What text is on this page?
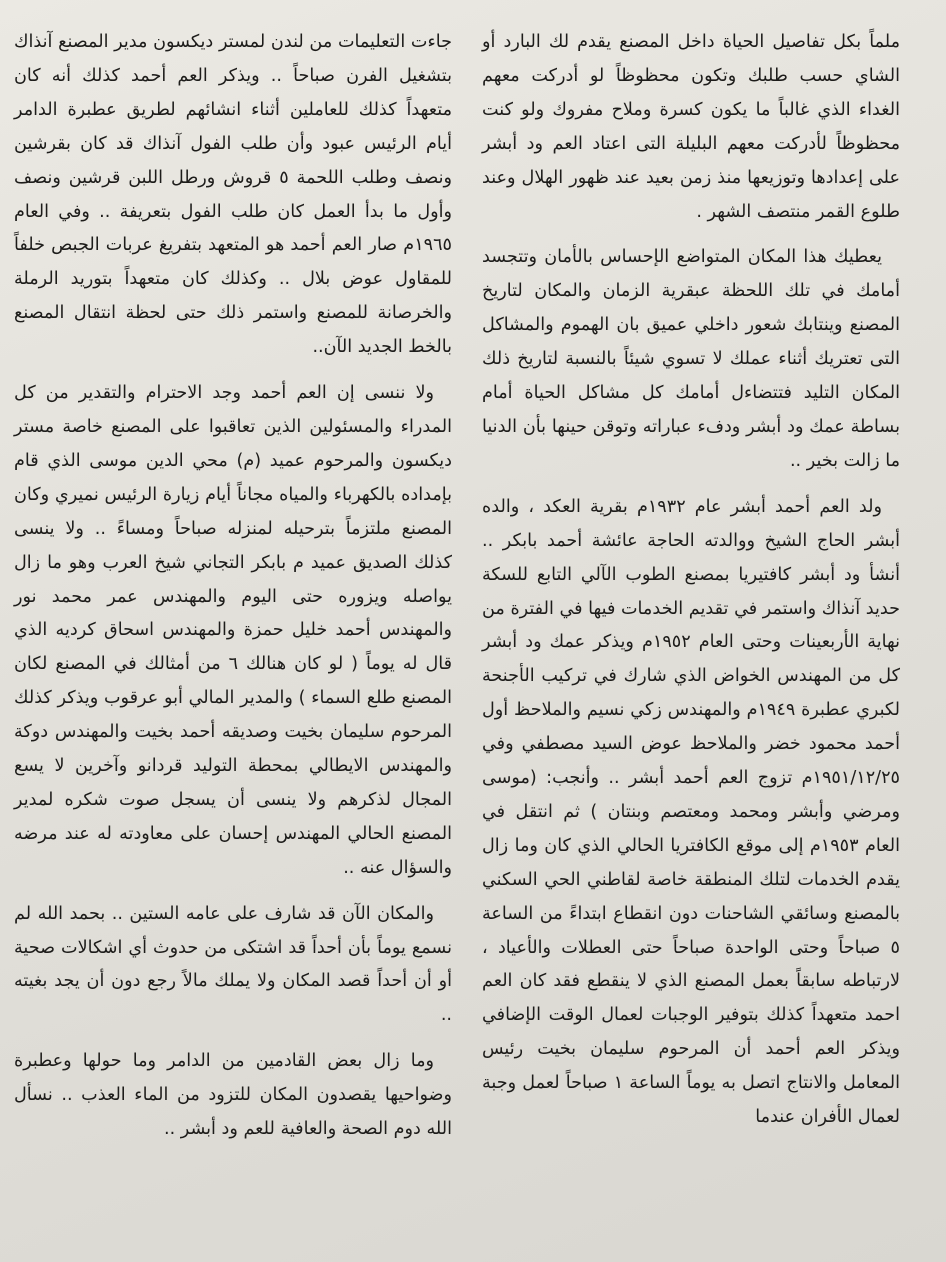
ملماً بكل تفاصيل الحياة داخل المصنع يقدم لك البارد أو الشاي حسب طلبك وتكون محظوظاً لو أدركت معهم الغداء الذي غالباً ما يكون كسرة وملاح مفروك ولو كنت محظوظاً لأدركت معهم البليلة التى اعتاد العم ود أبشر على إعدادها وتوزيعها منذ زمن بعيد عند ظهور الهلال وعند طلوع القمر منتصف الشهر .

يعطيك هذا المكان المتواضع الإحساس بالأمان وتتجسد أمامك في تلك اللحظة عبقرية الزمان والمكان لتاريخ المصنع وينتابك شعور داخلي عميق بان الهموم والمشاكل التى تعتريك أثناء عملك لا تسوي شيئاً بالنسبة لتاريخ ذلك المكان التليد فتتضاءل أمامك كل مشاكل الحياة أمام بساطة عمك ود أبشر ودفء عباراته وتوقن حينها بأن الدنيا ما زالت بخير ..

ولد العم أحمد أبشر عام ١٩٣٢م بقرية العكد ، والده أبشر الحاج الشيخ ووالدته الحاجة عائشة أحمد بابكر .. أنشأ ود أبشر كافتيريا بمصنع الطوب الآلي التابع للسكة حديد آنذاك واستمر في تقديم الخدمات فيها في الفترة من نهاية الأربعينات وحتى العام ١٩٥٢م ويذكر عمك ود أبشر كل من المهندس الخواض الذي شارك في تركيب الأجنحة لكبري عطبرة ١٩٤٩م والمهندس زكي نسيم والملاحظ أول أحمد محمود خضر والملاحظ عوض السيد مصطفي وفي ١٩٥١/١٢/٢٥م تزوج العم أحمد أبشر .. وأنجب: (موسى ومرضي وأبشر ومحمد ومعتصم وبنتان ) ثم انتقل في العام ١٩٥٣م إلى موقع الكافتريا الحالي الذي كان وما زال يقدم الخدمات لتلك المنطقة خاصة لقاطني الحي السكني بالمصنع وسائقي الشاحنات دون انقطاع ابتداءً من الساعة ٥ صباحاً وحتى الواحدة صباحاً حتى العطلات والأعياد ، لارتباطه سابقاً بعمل المصنع الذي لا ينقطع فقد كان العم احمد متعهداً كذلك بتوفير الوجبات لعمال الوقت الإضافي ويذكر العم أحمد أن المرحوم سليمان بخيت رئيس المعامل والانتاج اتصل به يوماً الساعة ١ صباحاً لعمل وجبة لعمال الأفران عندما

جاءت التعليمات من لندن لمستر ديكسون مدير المصنع آنذاك بتشغيل الفرن صباحاً .. ويذكر العم أحمد كذلك أنه كان متعهداً كذلك للعاملين أثناء انشائهم لطريق عطبرة الدامر أيام الرئيس عبود وأن طلب الفول آنذاك قد كان بقرشين ونصف وطلب اللحمة ٥ قروش ورطل اللبن قرشين ونصف وأول ما بدأ العمل كان طلب الفول بتعريفة .. وفي العام ١٩٦٥م صار العم أحمد هو المتعهد بتفريغ عربات الجبص خلفاً للمقاول عوض بلال .. وكذلك كان متعهداً بتوريد الرملة والخرصانة للمصنع واستمر ذلك حتى لحظة انتقال المصنع بالخط الجديد الآن..

ولا ننسى إن العم أحمد وجد الاحترام والتقدير من كل المدراء والمسئولين الذين تعاقبوا على المصنع خاصة مستر ديكسون والمرحوم عميد (م) محي الدين موسى الذي قام بإمداده بالكهرباء والمياه مجاناً أيام زيارة الرئيس نميري وكان المصنع ملتزماً بترحيله لمنزله صباحاً ومساءً .. ولا ينسى كذلك الصديق عميد م بابكر التجاني شيخ العرب وهو ما زال يواصله ويزوره حتى اليوم والمهندس عمر محمد نور والمهندس أحمد خليل حمزة والمهندس اسحاق كرديه الذي قال له يوماً ( لو كان هنالك ٦ من أمثالك في المصنع لكان المصنع طلع السماء ) والمدير المالي أبو عرقوب ويذكر كذلك المرحوم سليمان بخيت وصديقه أحمد بخيت والمهندس دوكة والمهندس الايطالي بمحطة التوليد قردانو وآخرين لا يسع المجال لذكرهم ولا ينسى أن يسجل صوت شكره لمدير المصنع الحالي المهندس إحسان على معاودته له عند مرضه والسؤال عنه ..

والمكان الآن قد شارف على عامه الستين .. بحمد الله لم نسمع يوماً بأن أحداً قد اشتكى من حدوث أي اشكالات صحية أو أن أحداً قصد المكان ولا يملك مالاً رجع دون أن يجد بغيته ..

وما زال بعض القادمين من الدامر وما حولها وعطبرة وضواحيها يقصدون المكان للتزود من الماء العذب .. نسأل الله دوم الصحة والعافية للعم ود أبشر ..
